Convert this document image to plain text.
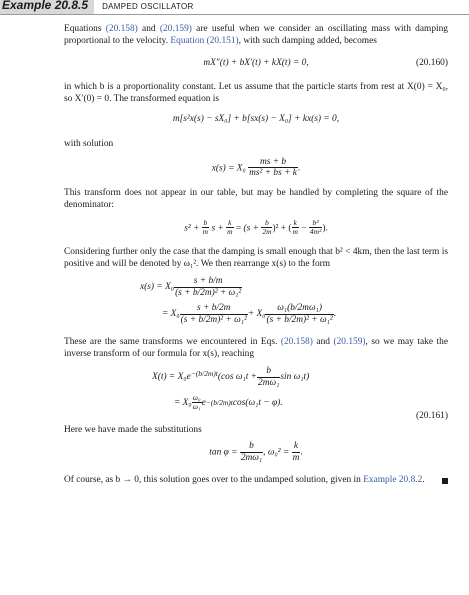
Example 20.8.5	DAMPED OSCILLATOR

Equations (20.158) and (20.159) are useful when we consider an oscillating mass with damping proportional to the velocity. Equation (20.151), with such damping added, becomes

mX″(t) + bX′(t) + kX(t) = 0,	(20.160)

in which b is a proportionality constant. Let us assume that the particle starts from rest at X(0) = X₀, so X′(0) = 0. The transformed equation is

m[s²x(s) − sX₀] + b[sx(s) − X₀] + kx(s) = 0,

with solution

$x(s) = X_0 \frac{ms + b}{\text{ms² + bs + k}}$ .

This transform does not appear in our table, but may be handled by completing the square of the denominator:

$s^2 + \frac{b}{m}$ $s + \frac{k}{m} = (s + \frac{b}{2m} )^2$ + ( $\frac{k}{m} - \frac{\text{b²}}{\text{4m²}}$ ).

Considering further only the case that the damping is small enough that b² < 4km, then the last term is positive and will be denoted by ω₁². We then rearrange x(s) to the form

$x(s) = X_0 \frac{s + b/m}{\text{(s + b/2m)² + ω₁²}}$
= $X_0 \frac{s + b/2m}{\text{(s + b/2m)² + ω₁²}} + X_0 \frac{\text{ω₁(b/2mω₁)}}{\text{(s + b/2m)² + ω₁²}}$ .

These are the same transforms we encountered in Eqs. (20.158) and (20.159), so we may take the inverse transform of our formula for x(s), reaching

$X(t) = X_0e^{-(b/2m)t}$ (cos $\omega_1t + \frac{b}{\text{2mω₁}}$ sin ω₁t)
= $X_0 \frac{\text{ω₀}}{\text{ω₁}}$ e −(b/2m)t cos(ω₁t − φ).
(20.161)

Here we have made the substitutions

$\tan \varphi = \frac{b}{\text{2mω₁}}$ , $\omega_0^2 = \frac{k}{m}$ .

Of course, as b → 0, this solution goes over to the undamped solution, given in Example 20.8.2.
